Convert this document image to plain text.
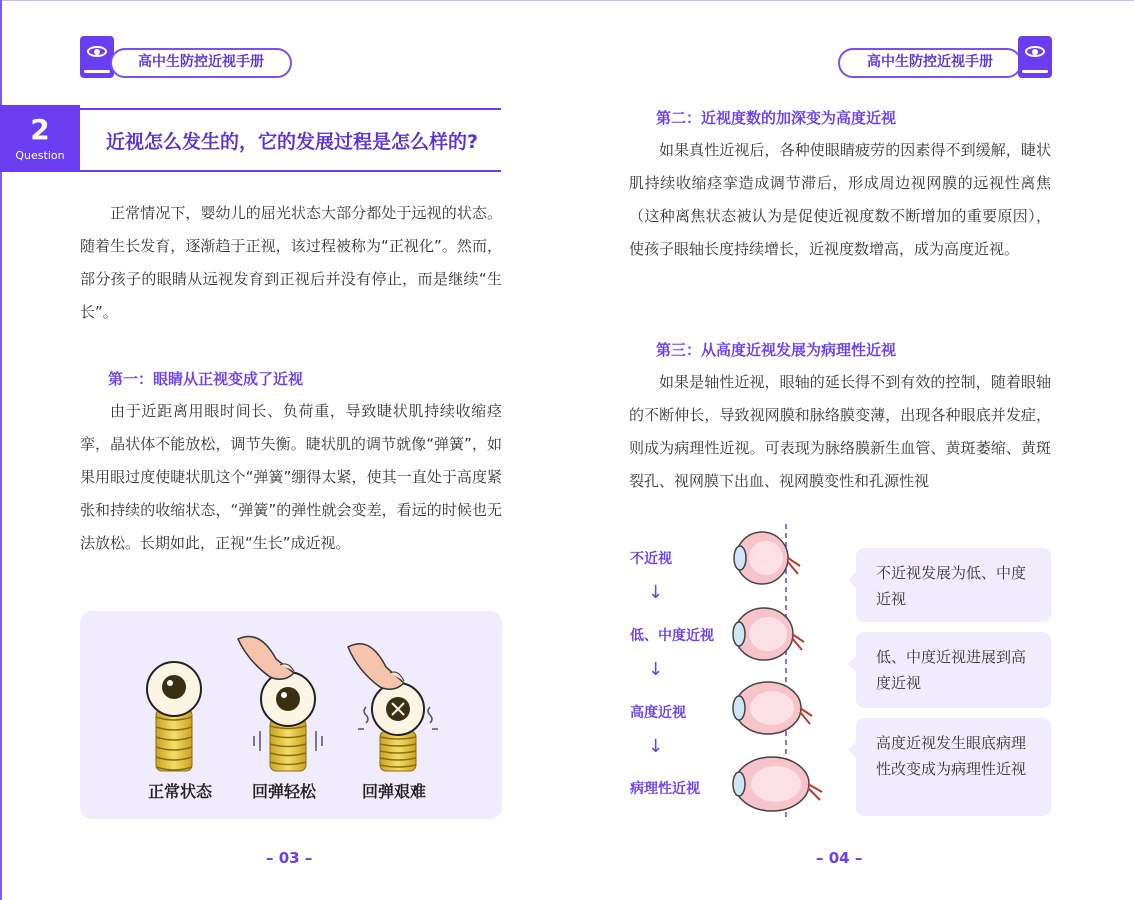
高中生防控近视手册	高中生防控近视手册
2
Question
近视怎么发生的，它的发展过程是怎么样的?
正常情况下，婴幼儿的屈光状态大部分都处于远视的状态。随着生长发育，逐渐趋于正视，该过程被称为“正视化”。然而，部分孩子的眼睛从远视发育到正视后并没有停止，而是继续“生长”。
第一：眼睛从正视变成了近视
由于近距离用眼时间长、负荷重，导致睫状肌持续收缩痉挛，晶状体不能放松，调节失衡。睫状肌的调节就像“弹簧”，如果用眼过度使睫状肌这个“弹簧”绷得太紧，使其一直处于高度紧张和持续的收缩状态，“弹簧”的弹性就会变差，看远的时候也无法放松。长期如此，正视“生长”成近视。
正常状态 回弹轻松	回弹艰难
– 03 –
第二：近视度数的加深变为高度近视
如果真性近视后，各种使眼睛疲劳的因素得不到缓解，睫状肌持续收缩痉挛造成调节滞后，形成周边视网膜的远视性离焦（这种离焦状态被认为是促使近视度数不断增加的重要原因），使孩子眼轴长度持续增长，近视度数增高，成为高度近视。
第三：从高度近视发展为病理性近视
如果是轴性近视，眼轴的延长得不到有效的控制，随着眼轴的不断伸长，导致视网膜和脉络膜变薄，出现各种眼底并发症，则成为病理性近视。可表现为脉络膜新生血管、黄斑萎缩、黄斑裂孔、视网膜下出血、视网膜变性和孔源性视
不近视
↓
低、中度近视
↓
高度近视
↓
病理性近视
不近视发展为低、中度近视
低、中度近视进展到高度近视
高度近视发生眼底病理性改变成为病理性近视
– 04 –
